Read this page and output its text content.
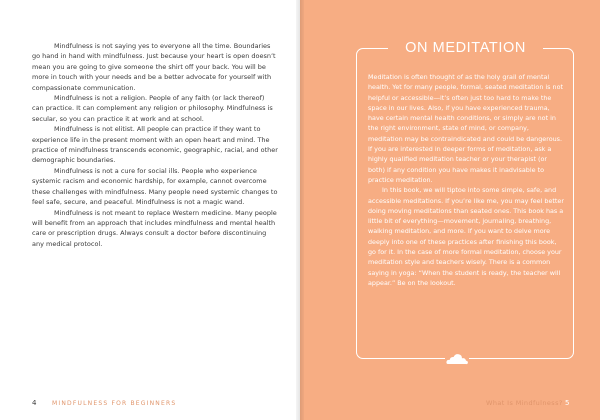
Mindfulness is not saying yes to everyone all the time. Boundaries go hand in hand with mindfulness. Just because your heart is open doesn’t mean you are going to give someone the shirt off your back. You will be more in touch with your needs and be a better advocate for yourself with compassionate communication.

Mindfulness is not a religion. People of any faith (or lack thereof) can practice. It can complement any religion or philosophy. Mindfulness is secular, so you can practice it at work and at school.

Mindfulness is not elitist. All people can practice if they want to experience life in the present moment with an open heart and mind. The practice of mindfulness transcends economic, geographic, racial, and other demographic boundaries.

Mindfulness is not a cure for social ills. People who experience systemic racism and economic hardship, for example, cannot overcome these challenges with mindfulness. Many people need systemic changes to feel safe, secure, and peaceful. Mindfulness is not a magic wand.

Mindfulness is not meant to replace Western medicine. Many people will benefit from an approach that includes mindfulness and mental health care or prescription drugs. Always consult a doctor before discontinuing any medical protocol.

4	MINDFULNESS FOR BEGINNERS
ON MEDITATION

Meditation is often thought of as the holy grail of mental health. Yet for many people, formal, seated meditation is not helpful or accessible—it’s often just too hard to make the space in our lives. Also, if you have experienced trauma, have certain mental health conditions, or simply are not in the right environment, state of mind, or company, meditation may be contraindicated and could be dangerous. If you are interested in deeper forms of meditation, ask a highly qualified meditation teacher or your therapist (or both) if any condition you have makes it inadvisable to practice meditation.

In this book, we will tiptoe into some simple, safe, and accessible meditations. If you’re like me, you may feel better doing moving meditations than seated ones. This book has a little bit of everything—movement, journaling, breathing, walking meditation, and more. If you want to delve more deeply into one of these practices after finishing this book, go for it. In the case of more formal meditation, choose your meditation style and teachers wisely. There is a common saying in yoga: “When the student is ready, the teacher will appear.” Be on the lookout.

What Is Mindfulness? 5
